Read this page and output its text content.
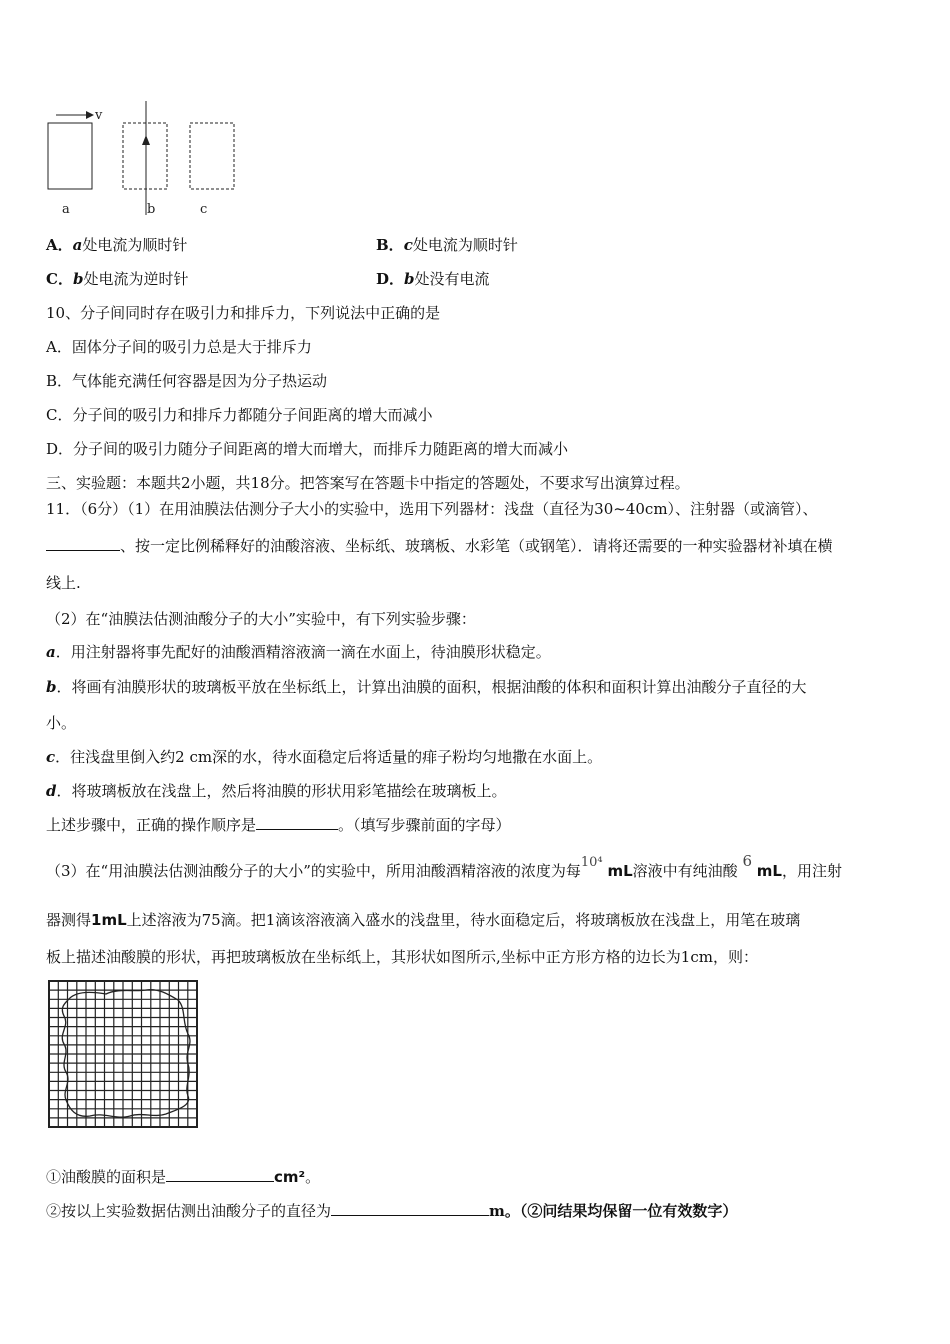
v
a	b	c
A．a处电流为顺时针	B．c处电流为顺时针
C．b处电流为逆时针	D．b处没有电流
10、分子间同时存在吸引力和排斥力，下列说法中正确的是
A．固体分子间的吸引力总是大于排斥力
B．气体能充满任何容器是因为分子热运动
C．分子间的吸引力和排斥力都随分子间距离的增大而减小
D．分子间的吸引力随分子间距离的增大而增大，而排斥力随距离的增大而减小
三、实验题：本题共2小题，共18分。把答案写在答题卡中指定的答题处，不要求写出演算过程。
11．（6分）（1）在用油膜法估测分子大小的实验中，选用下列器材：浅盘（直径为30~40cm）、注射器（或滴管）、
、按一定比例稀释好的油酸溶液、坐标纸、玻璃板、水彩笔（或钢笔）．请将还需要的一种实验器材补填在横
线上.
（2）在“油膜法估测油酸分子的大小”实验中，有下列实验步骤：
a．用注射器将事先配好的油酸酒精溶液滴一滴在水面上，待油膜形状稳定。
b．将画有油膜形状的玻璃板平放在坐标纸上，计算出油膜的面积，根据油酸的体积和面积计算出油酸分子直径的大
小。
c．往浅盘里倒入约2 cm深的水，待水面稳定后将适量的痱子粉均匀地撒在水面上。
d．将玻璃板放在浅盘上，然后将油膜的形状用彩笔描绘在玻璃板上。
上述步骤中，正确的操作顺序是	。（填写步骤前面的字母）
（3）在“用油膜法估测油酸分子的大小”的实验中，所用油酸酒精溶液的浓度为每10⁴ mL溶液中有纯油酸 6 mL，用注射
器测得1mL上述溶液为75滴。把1滴该溶液滴入盛水的浅盘里，待水面稳定后，将玻璃板放在浅盘上，用笔在玻璃
板上描述油酸膜的形状，再把玻璃板放在坐标纸上，其形状如图所示,坐标中正方形方格的边长为1cm，则：
①油酸膜的面积是	cm²。
②按以上实验数据估测出油酸分子的直径为	m。（②问结果均保留一位有效数字）
